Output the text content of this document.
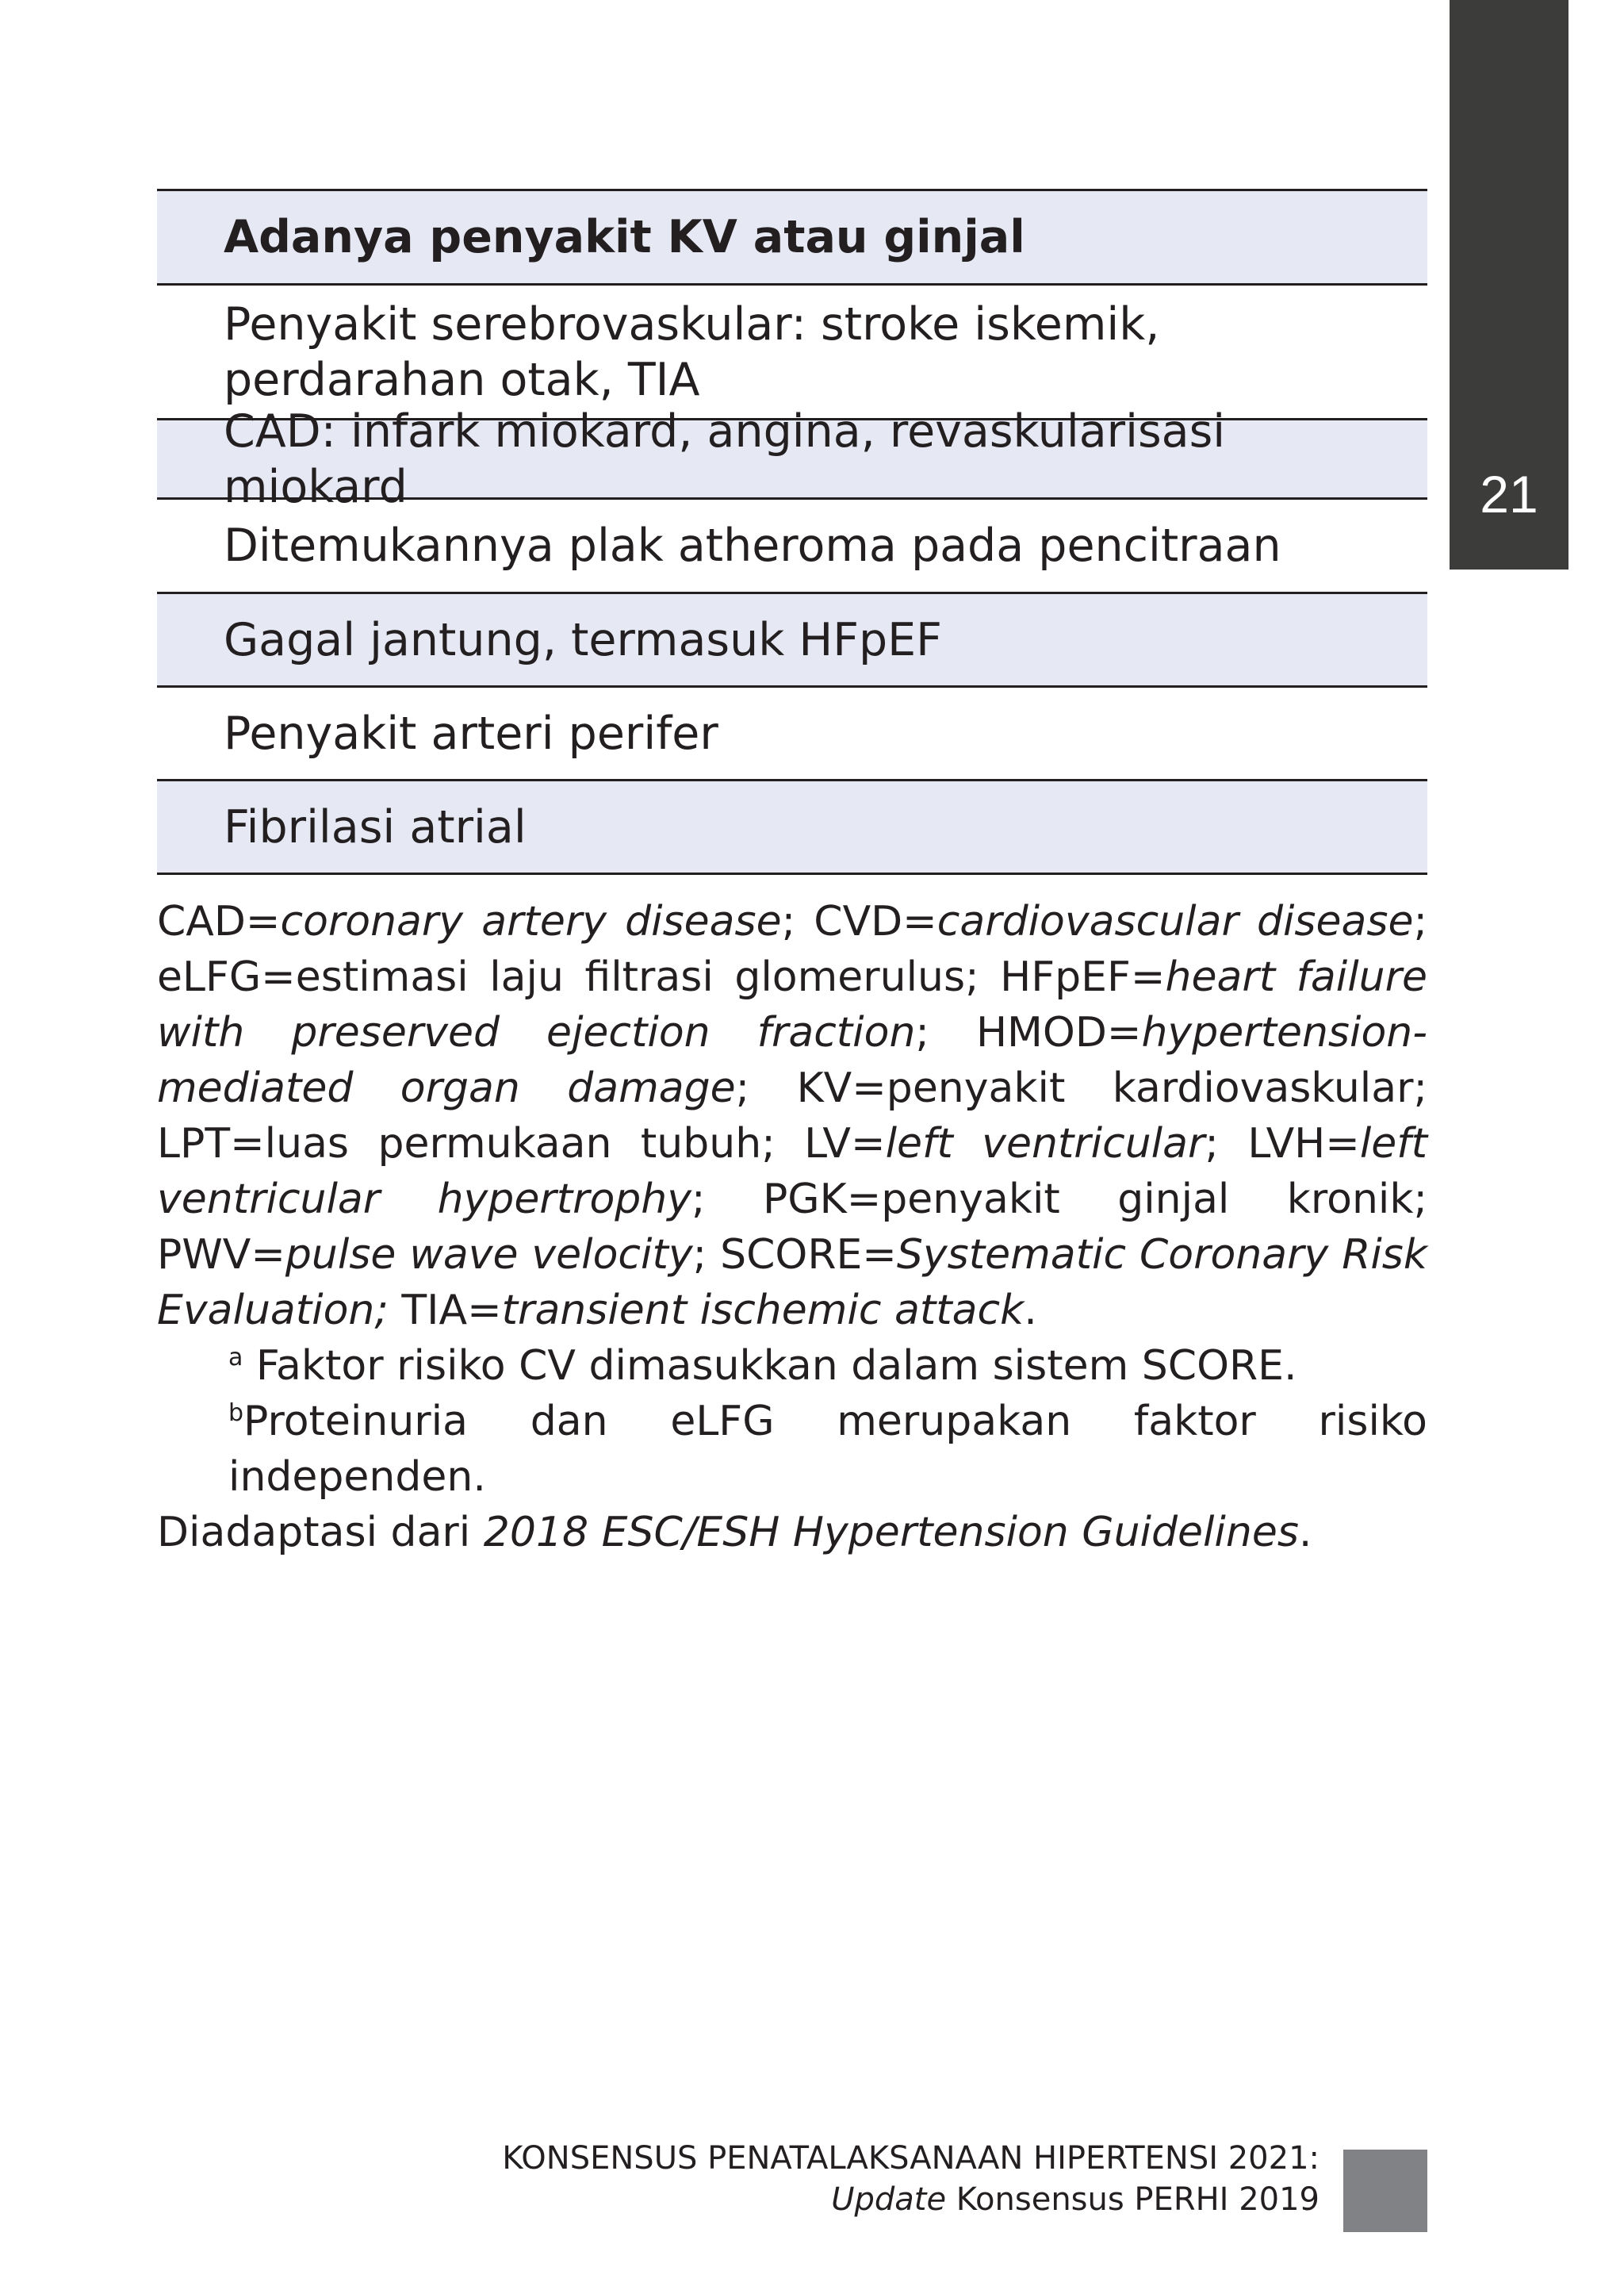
21
Adanya penyakit KV atau ginjal
Penyakit serebrovaskular: stroke iskemik, perdarahan otak, TIA
CAD: infark miokard, angina, revaskularisasi miokard
Ditemukannya plak atheroma pada pencitraan
Gagal jantung, termasuk HFpEF
Penyakit arteri perifer
Fibrilasi atrial

CAD=coronary artery disease; CVD=cardiovascular disease; eLFG=estimasi laju filtrasi glomerulus; HFpEF=heart failure with preserved ejection fraction; HMOD=hypertension-mediated organ damage; KV=penyakit kardiovaskular; LPT=luas permukaan tubuh; LV=left ventricular; LVH=left ventricular hypertrophy; PGK=penyakit ginjal kronik; PWV=pulse wave velocity; SCORE=Systematic Coronary Risk Evaluation; TIA=transient ischemic attack.

$^a$ Faktor risiko CV dimasukkan dalam sistem SCORE.

$^b$Proteinuria dan eLFG merupakan faktor risiko independen.

Diadaptasi dari 2018 ESC/ESH Hypertension Guidelines.

KONSENSUS PENATALAKSANAAN HIPERTENSI 2021:
Update Konsensus PERHI 2019
